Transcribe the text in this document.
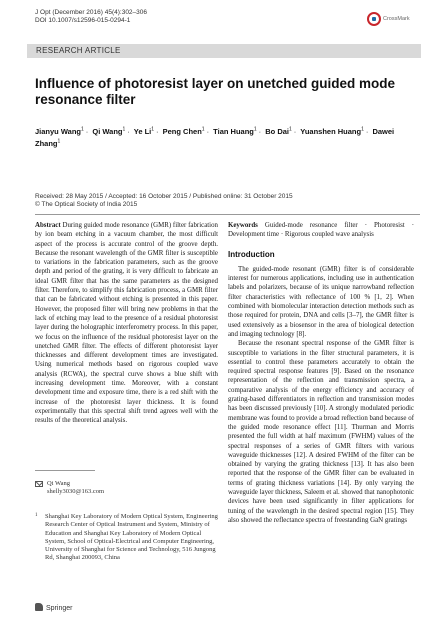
J Opt (December 2016) 45(4):302–306
DOI 10.1007/s12596-015-0294-1	CrossMark
RESEARCH ARTICLE
Influence of photoresist layer on unetched guided mode resonance filter
Jianyu Wang$^1$ · Qi Wang$^1$ · Ye $Li^1$ · Peng Chen$^1$ · Tian Huang$^1$ · Bo Dai$^1$ · Yuanshen Huang$^1$ · Dawei Zhang$^1$
Received: 28 May 2015 / Accepted: 16 October 2015 / Published online: 31 October 2015
© The Optical Society of India 2015

Abstract During guided mode resonance (GMR) filter fabrication by ion beam etching in a vacuum chamber, the most difficult aspect of the process is accurate control of the groove depth. Because the resonant wavelength of the GMR filter is susceptible to variations in the fabrication parameters, such as the groove depth and period of the grating, it is very difficult to fabricate an ideal GMR filter that has the same parameters as the designed filter. Therefore, to simplify this fabrication process, a GMR filter that can be fabricated without etching is presented in this paper. However, the proposed filter will bring new problems in that the lack of etching may lead to the presence of a residual photoresist layer during the holographic interferometry process. In this paper, we focus on the influence of the residual photoresist layer on the unetched GMR filter. The effects of different photoresist layer thicknesses and different development times are investigated. Using numerical methods based on rigorous coupled wave analysis (RCWA), the spectral curve shows a blue shift with increasing development time. Moreover, with a constant development time and exposure time, there is a red shift with the increase of the photoresist layer thickness. It is found experimentally that this spectral shift trend agrees well with the results of the theoretical analysis.

Keywords Guided-mode resonance filter · Photoresist · Development time · Rigorous coupled wave analysis

Introduction

The guided-mode resonant (GMR) filter is of considerable interest for numerous applications, including use in authentication labels and polarizers, because of its unique narrowband reflection filter characteristics with reflectance of 100 % [1, 2]. When combined with biomolecular interaction detection methods such as those required for protein, DNA and cells [3–7], the GMR filter is used extensively as a biosensor in the area of biological detection and imaging technology [8].

Because the resonant spectral response of the GMR filter is susceptible to variations in the filter structural parameters, it is essential to control these parameters accurately to obtain the required spectral response features [9]. Based on the resonance representation of the reflection and transmission spectra, a comparative analysis of the energy efficiency and accuracy of grating-based differentiators in reflection and transmission modes has been discussed previously [10]. A strongly modulated periodic membrane was found to provide a broad reflection band because of the guided mode resonance effect [11]. Thurman and Morris presented the full width at half maximum (FWHM) values of the spectral responses of a series of GMR filters with various waveguide thicknesses [12]. A desired FWHM of the filter can be obtained by varying the grating thickness [13]. It has also been reported that the response of the GMR filter can be evaluated in terms of grating thickness variations [14]. By only varying the waveguide layer thickness, Saleem et al. showed that nanophotonic devices have been used significantly in filter applications for tuning of the wavelength in the desired spectral region [15]. They also showed the reflectance spectra of freestanding GaN gratings

Qi Wang
shelly3030@163.com
1 Shanghai Key Laboratory of Modern Optical System, Engineering Research Center of Optical Instrument and System, Ministry of Education and Shanghai Key Laboratory of Modern Optical System, School of Optical-Electrical and Computer Engineering, University of Shanghai for Science and Technology, 516 Jungong Rd, Shanghai 200093, China
Springer
